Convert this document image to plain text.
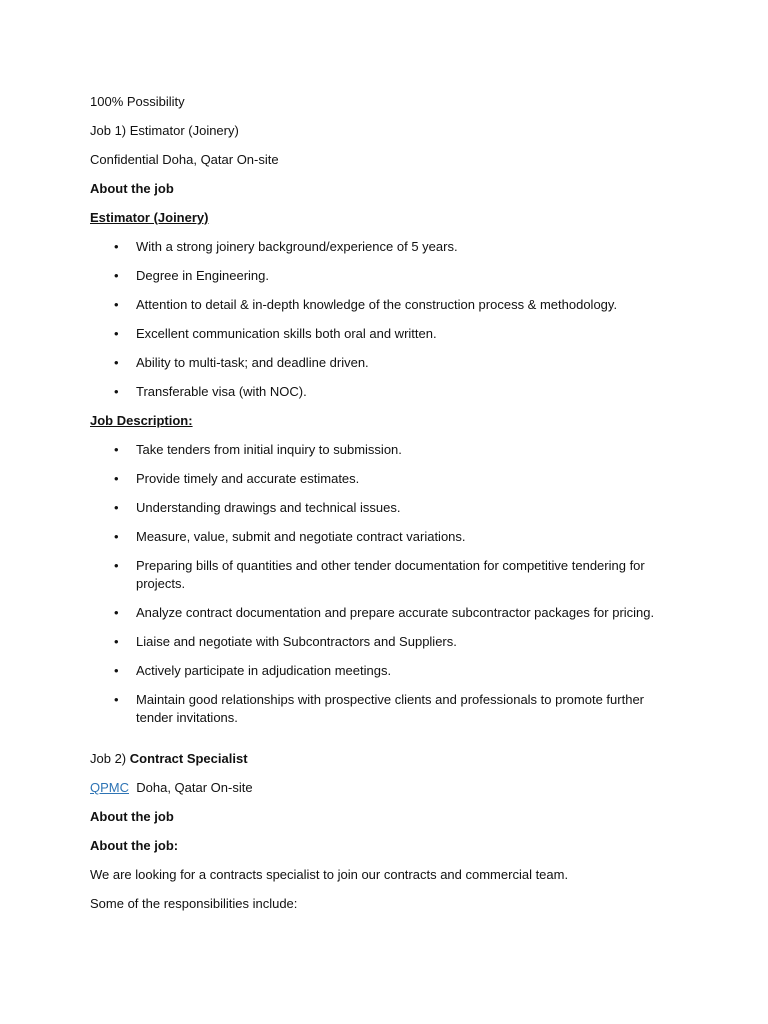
100% Possibility
Job 1) Estimator (Joinery)
Confidential Doha, Qatar On-site
About the job
Estimator (Joinery)
• With a strong joinery background/experience of 5 years.
• Degree in Engineering.
• Attention to detail & in-depth knowledge of the construction process & methodology.
• Excellent communication skills both oral and written.
• Ability to multi-task; and deadline driven.
• Transferable visa (with NOC).
Job Description:
• Take tenders from initial inquiry to submission.
• Provide timely and accurate estimates.
• Understanding drawings and technical issues.
• Measure, value, submit and negotiate contract variations.
• Preparing bills of quantities and other tender documentation for competitive tendering for projects.
• Analyze contract documentation and prepare accurate subcontractor packages for pricing.
• Liaise and negotiate with Subcontractors and Suppliers.
• Actively participate in adjudication meetings.
• Maintain good relationships with prospective clients and professionals to promote further tender invitations.
Job 2) Contract Specialist
QPMC Doha, Qatar On-site
About the job
About the job:
We are looking for a contracts specialist to join our contracts and commercial team.
Some of the responsibilities include:
